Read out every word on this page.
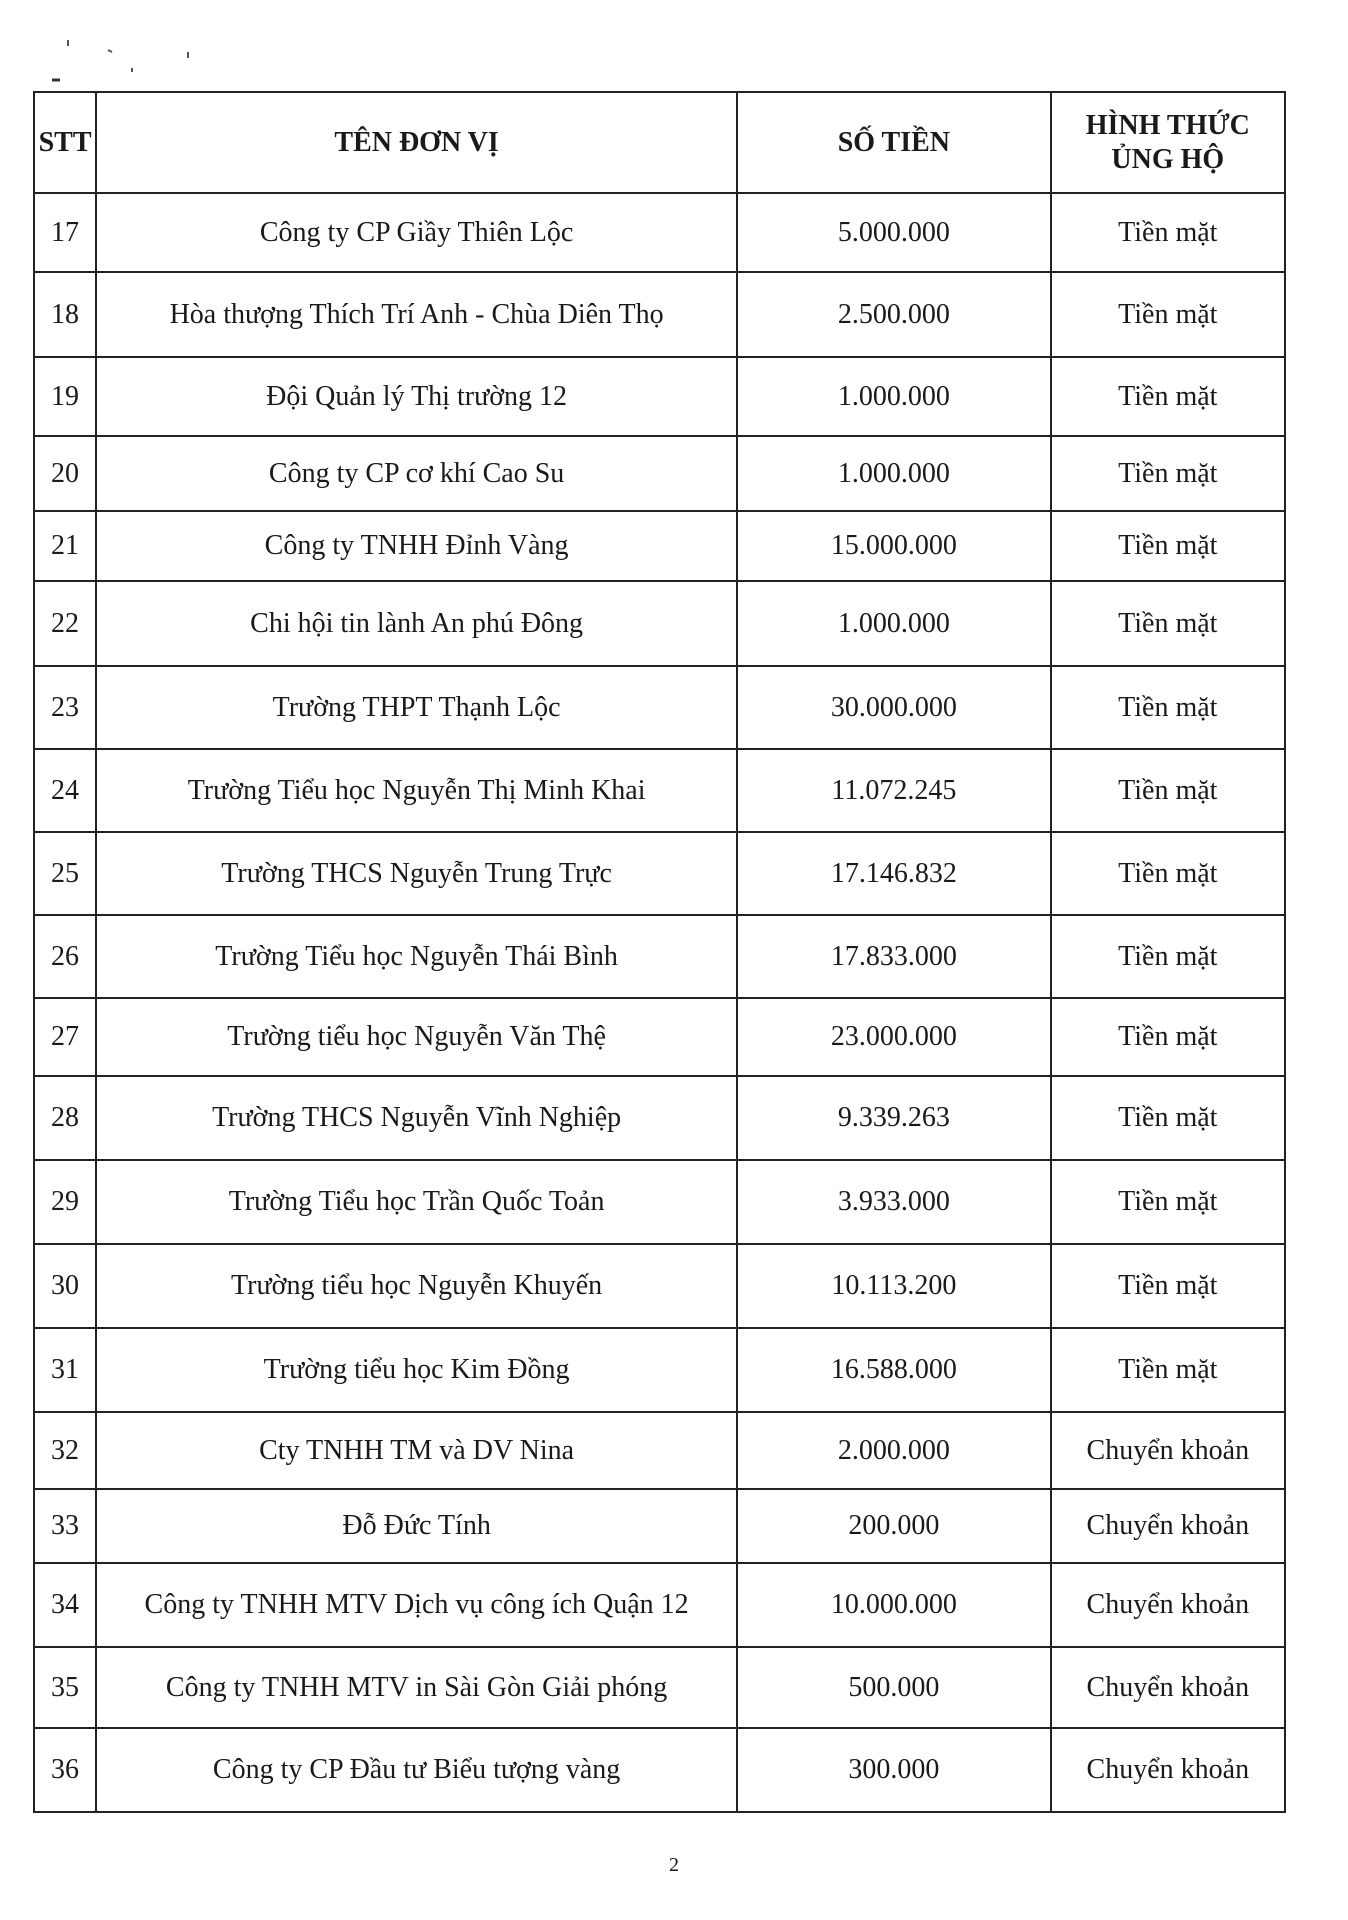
STT	TÊN ĐƠN VỊ	SỐ TIỀN	HÌNH THỨC ỦNG HỘ

17	Công ty CP Giầy Thiên Lộc	5.000.000	Tiền mặt
18	Hòa thượng Thích Trí Anh - Chùa Diên Thọ	2.500.000	Tiền mặt
19	Đội Quản lý Thị trường 12	1.000.000	Tiền mặt
20	Công ty CP cơ khí Cao Su	1.000.000	Tiền mặt
21	Công ty TNHH Đỉnh Vàng	15.000.000	Tiền mặt
22	Chi hội tin lành An phú Đông	1.000.000	Tiền mặt
23	Trường THPT Thạnh Lộc	30.000.000	Tiền mặt
24	Trường Tiểu học Nguyễn Thị Minh Khai	11.072.245	Tiền mặt
25	Trường THCS Nguyễn Trung Trực	17.146.832	Tiền mặt
26	Trường Tiểu học Nguyễn Thái Bình	17.833.000	Tiền mặt
27	Trường tiểu học Nguyễn Văn Thệ	23.000.000	Tiền mặt
28	Trường THCS Nguyễn Vĩnh Nghiệp	9.339.263	Tiền mặt
29	Trường Tiểu học Trần Quốc Toản	3.933.000	Tiền mặt
30	Trường tiểu học Nguyễn Khuyến	10.113.200	Tiền mặt
31	Trường tiểu học Kim Đồng	16.588.000	Tiền mặt
32	Cty TNHH TM và DV Nina	2.000.000	Chuyển khoản
33	Đỗ Đức Tính	200.000	Chuyển khoản
34	Công ty TNHH MTV Dịch vụ công ích Quận 12	10.000.000	Chuyển khoản
35	Công ty TNHH MTV in Sài Gòn Giải phóng	500.000	Chuyển khoản
36	Công ty CP Đầu tư Biểu tượng vàng	300.000	Chuyển khoản
2
